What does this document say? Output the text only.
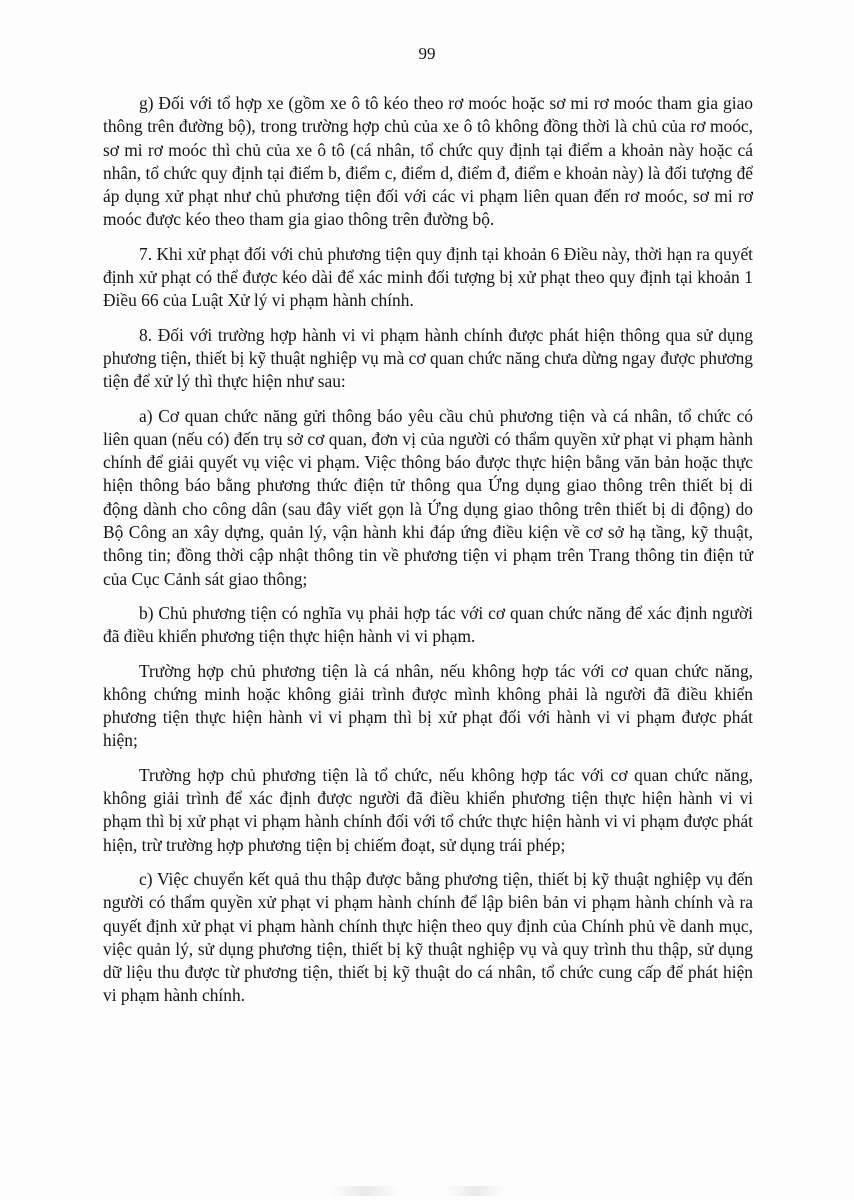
99

g) Đối với tổ hợp xe (gồm xe ô tô kéo theo rơ moóc hoặc sơ mi rơ moóc tham gia giao thông trên đường bộ), trong trường hợp chủ của xe ô tô không đồng thời là chủ của rơ moóc, sơ mi rơ moóc thì chủ của xe ô tô (cá nhân, tổ chức quy định tại điểm a khoản này hoặc cá nhân, tổ chức quy định tại điểm b, điểm c, điểm d, điểm đ, điểm e khoản này) là đối tượng để áp dụng xử phạt như chủ phương tiện đối với các vi phạm liên quan đến rơ moóc, sơ mi rơ moóc được kéo theo tham gia giao thông trên đường bộ.

7. Khi xử phạt đối với chủ phương tiện quy định tại khoản 6 Điều này, thời hạn ra quyết định xử phạt có thể được kéo dài để xác minh đối tượng bị xử phạt theo quy định tại khoản 1 Điều 66 của Luật Xử lý vi phạm hành chính.

8. Đối với trường hợp hành vi vi phạm hành chính được phát hiện thông qua sử dụng phương tiện, thiết bị kỹ thuật nghiệp vụ mà cơ quan chức năng chưa dừng ngay được phương tiện để xử lý thì thực hiện như sau:

a) Cơ quan chức năng gửi thông báo yêu cầu chủ phương tiện và cá nhân, tổ chức có liên quan (nếu có) đến trụ sở cơ quan, đơn vị của người có thẩm quyền xử phạt vi phạm hành chính để giải quyết vụ việc vi phạm. Việc thông báo được thực hiện bằng văn bản hoặc thực hiện thông báo bằng phương thức điện tử thông qua Ứng dụng giao thông trên thiết bị di động dành cho công dân (sau đây viết gọn là Ứng dụng giao thông trên thiết bị di động) do Bộ Công an xây dựng, quản lý, vận hành khi đáp ứng điều kiện về cơ sở hạ tầng, kỹ thuật, thông tin; đồng thời cập nhật thông tin về phương tiện vi phạm trên Trang thông tin điện tử của Cục Cảnh sát giao thông;

b) Chủ phương tiện có nghĩa vụ phải hợp tác với cơ quan chức năng để xác định người đã điều khiển phương tiện thực hiện hành vi vi phạm.

Trường hợp chủ phương tiện là cá nhân, nếu không hợp tác với cơ quan chức năng, không chứng minh hoặc không giải trình được mình không phải là người đã điều khiển phương tiện thực hiện hành vi vi phạm thì bị xử phạt đối với hành vi vi phạm được phát hiện;

Trường hợp chủ phương tiện là tổ chức, nếu không hợp tác với cơ quan chức năng, không giải trình để xác định được người đã điều khiển phương tiện thực hiện hành vi vi phạm thì bị xử phạt vi phạm hành chính đối với tổ chức thực hiện hành vi vi phạm được phát hiện, trừ trường hợp phương tiện bị chiếm đoạt, sử dụng trái phép;

c) Việc chuyển kết quả thu thập được bằng phương tiện, thiết bị kỹ thuật nghiệp vụ đến người có thẩm quyền xử phạt vi phạm hành chính để lập biên bản vi phạm hành chính và ra quyết định xử phạt vi phạm hành chính thực hiện theo quy định của Chính phủ về danh mục, việc quản lý, sử dụng phương tiện, thiết bị kỹ thuật nghiệp vụ và quy trình thu thập, sử dụng dữ liệu thu được từ phương tiện, thiết bị kỹ thuật do cá nhân, tổ chức cung cấp để phát hiện vi phạm hành chính.
